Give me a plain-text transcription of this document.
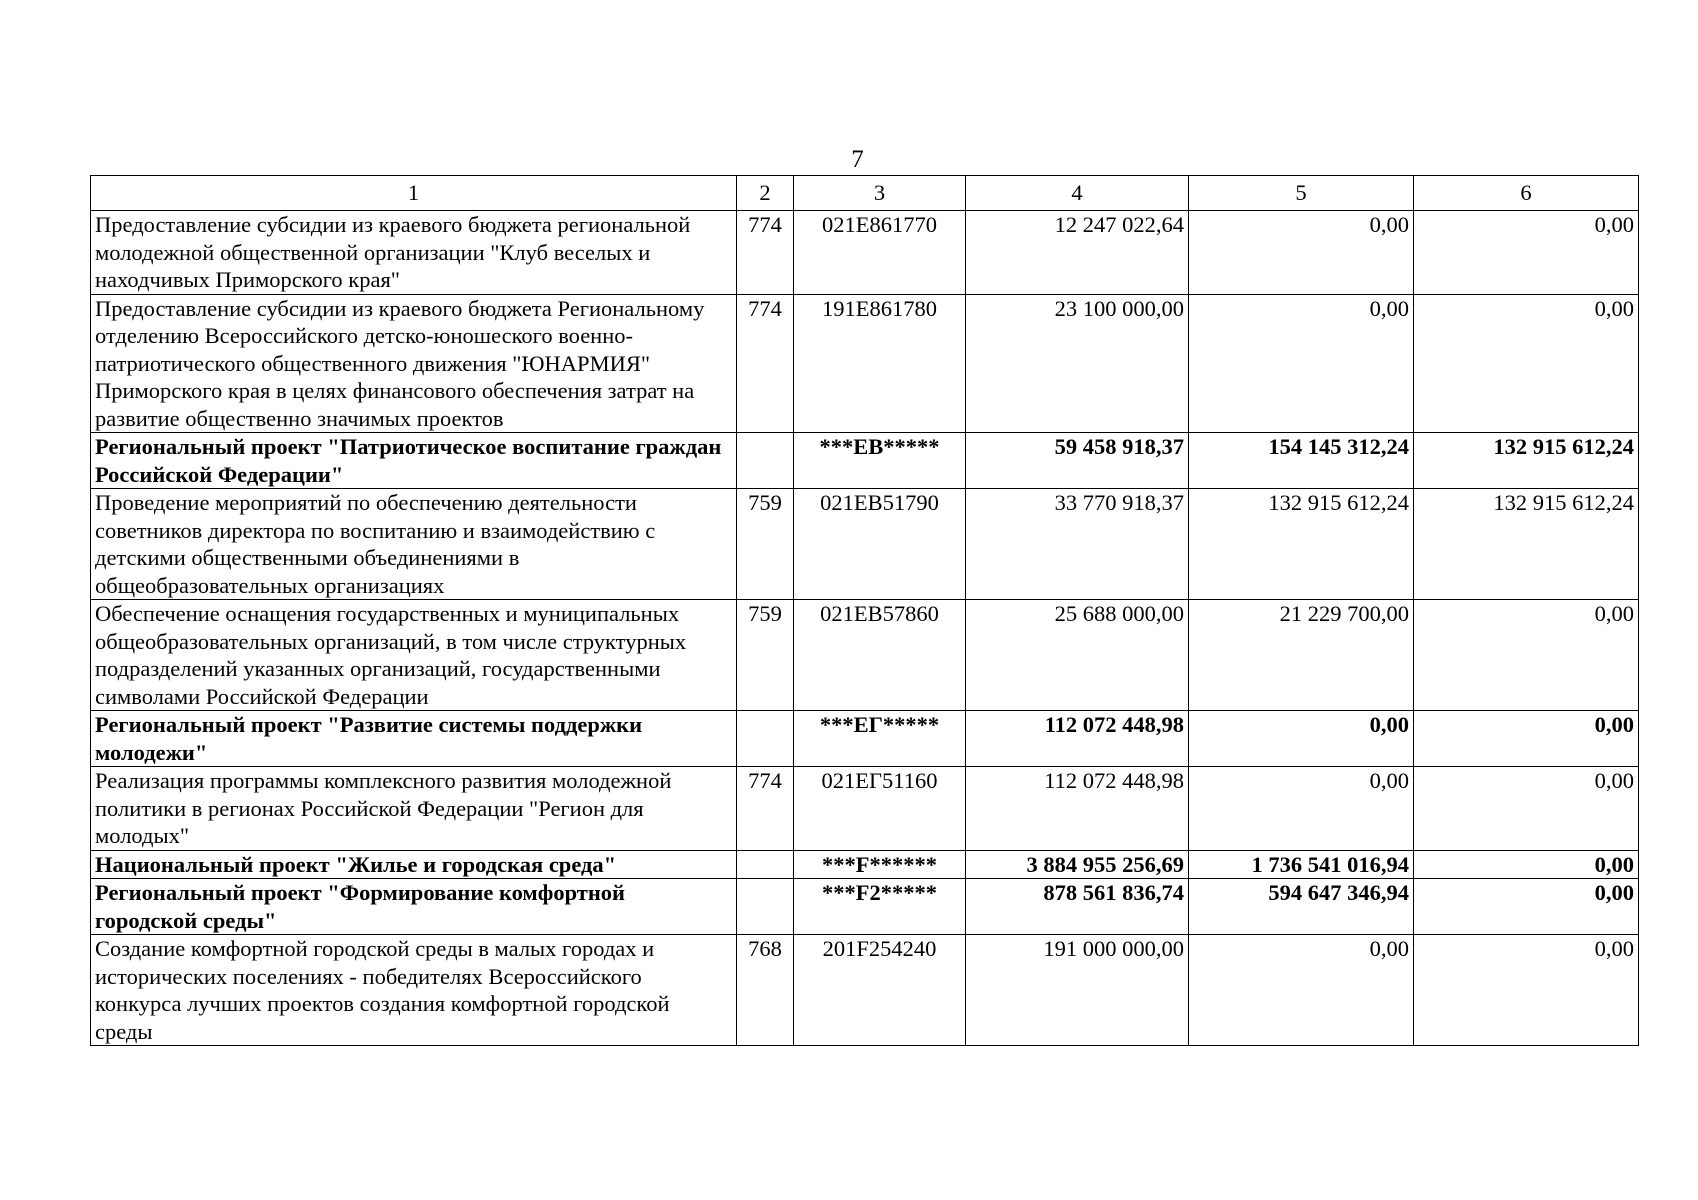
7
1	2	3	4	5	6
Предоставление субсидии из краевого бюджета региональной молодежной общественной организации "Клуб веселых и находчивых Приморского края"	774	021E861770	12 247 022,64	0,00	0,00
Предоставление субсидии из краевого бюджета Региональному отделению Всероссийского детско-юношеского военно-патриотического общественного движения "ЮНАРМИЯ" Приморского края в целях финансового обеспечения затрат на развитие общественно значимых проектов	774	191E861780	23 100 000,00	0,00	0,00
Региональный проект "Патриотическое воспитание граждан Российской Федерации"		***EB*****	59 458 918,37	154 145 312,24	132 915 612,24
Проведение мероприятий по обеспечению деятельности советников директора по воспитанию и взаимодействию с детскими общественными объединениями в общеобразовательных организациях	759	021EB51790	33 770 918,37	132 915 612,24	132 915 612,24
Обеспечение оснащения государственных и муниципальных общеобразовательных организаций, в том числе структурных подразделений указанных организаций, государственными символами Российской Федерации	759	021EB57860	25 688 000,00	21 229 700,00	0,00
Региональный проект "Развитие системы поддержки молодежи"		***EГ*****	112 072 448,98	0,00	0,00
Реализация программы комплексного развития молодежной политики в регионах Российской Федерации "Регион для молодых"	774	021EГ51160	112 072 448,98	0,00	0,00
Национальный проект "Жилье и городская среда"		***F******	3 884 955 256,69	1 736 541 016,94	0,00
Региональный проект "Формирование комфортной городской среды"		***F2*****	878 561 836,74	594 647 346,94	0,00
Создание комфортной городской среды в малых городах и исторических поселениях - победителях Всероссийского конкурса лучших проектов создания комфортной городской среды	768	201F254240	191 000 000,00	0,00	0,00
